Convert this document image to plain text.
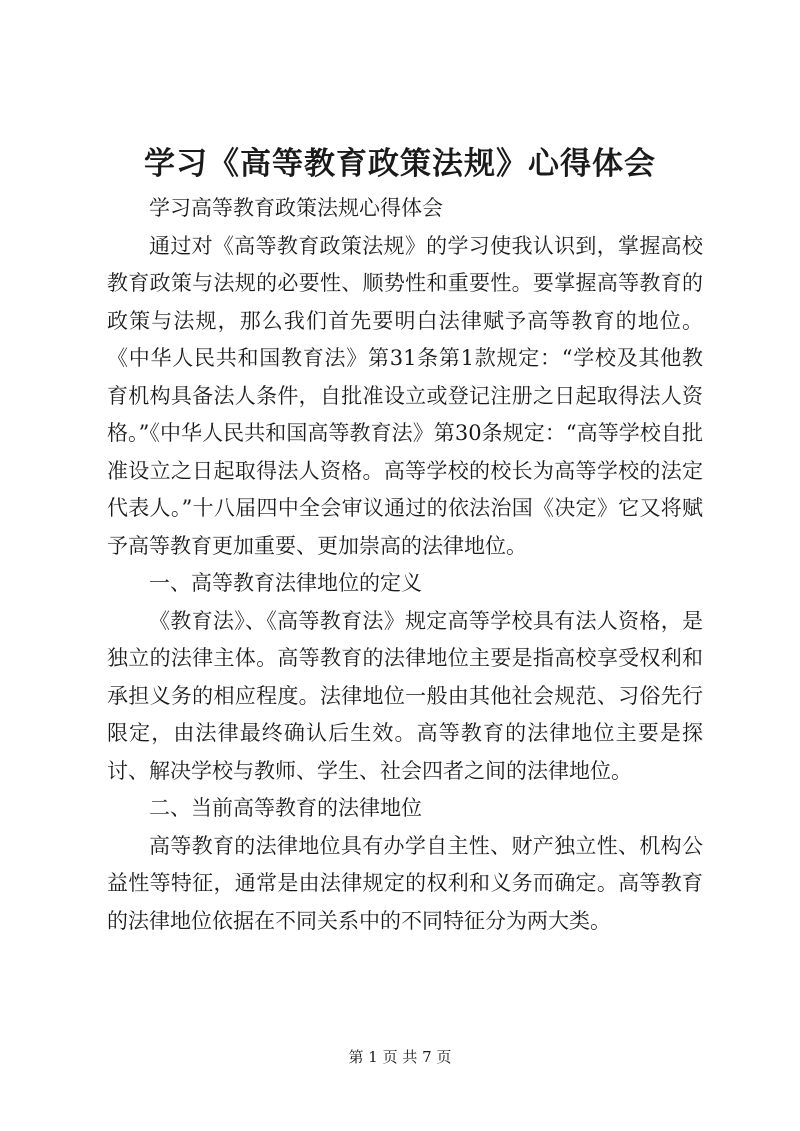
学习《高等教育政策法规》心得体会

学习高等教育政策法规心得体会

通过对《高等教育政策法规》的学习使我认识到，掌握高校教育政策与法规的必要性、顺势性和重要性。要掌握高等教育的政策与法规，那么我们首先要明白法律赋予高等教育的地位。《中华人民共和国教育法》第31条第1款规定：“学校及其他教育机构具备法人条件，自批准设立或登记注册之日起取得法人资格。”《中华人民共和国高等教育法》第30条规定：“高等学校自批准设立之日起取得法人资格。高等学校的校长为高等学校的法定代表人。”十八届四中全会审议通过的依法治国《决定》它又将赋予高等教育更加重要、更加崇高的法律地位。

一、高等教育法律地位的定义

《教育法》、《高等教育法》规定高等学校具有法人资格，是独立的法律主体。高等教育的法律地位主要是指高校享受权利和承担义务的相应程度。法律地位一般由其他社会规范、习俗先行限定，由法律最终确认后生效。高等教育的法律地位主要是探讨、解决学校与教师、学生、社会四者之间的法律地位。

二、当前高等教育的法律地位

高等教育的法律地位具有办学自主性、财产独立性、机构公益性等特征，通常是由法律规定的权利和义务而确定。高等教育的法律地位依据在不同关系中的不同特征分为两大类。

第 1 页 共 7 页
